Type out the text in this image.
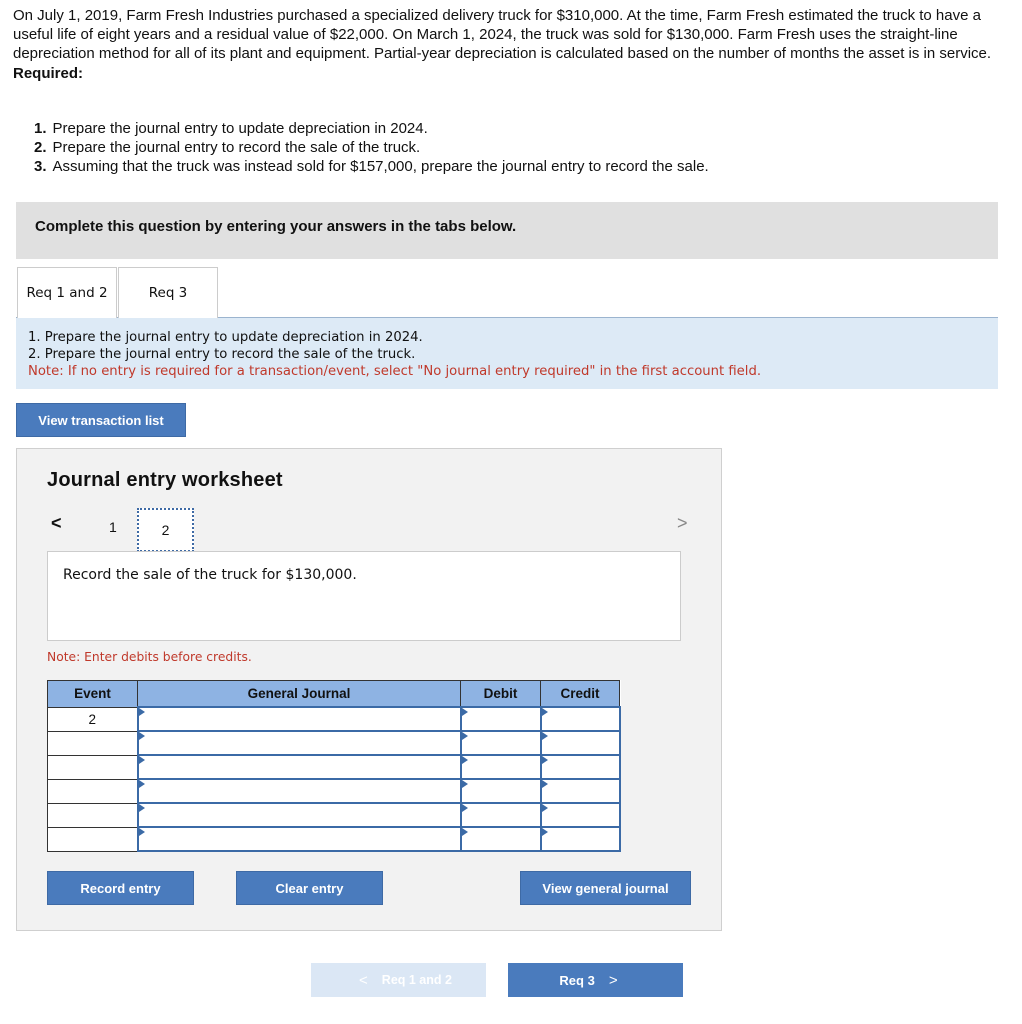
On July 1, 2019, Farm Fresh Industries purchased a specialized delivery truck for $310,000. At the time, Farm Fresh estimated the truck to have a useful life of eight years and a residual value of $22,000. On March 1, 2024, the truck was sold for $130,000. Farm Fresh uses the straight-line depreciation method for all of its plant and equipment. Partial-year depreciation is calculated based on the number of months the asset is in service.

Required:

1. Prepare the journal entry to update depreciation in 2024.
2. Prepare the journal entry to record the sale of the truck.
3. Assuming that the truck was instead sold for $157,000, prepare the journal entry to record the sale.
Complete this question by entering your answers in the tabs below.
Req 1 and 2	Req 3
1. Prepare the journal entry to update depreciation in 2024.
2. Prepare the journal entry to record the sale of the truck.
Note: If no entry is required for a transaction/event, select "No journal entry required" in the first account field.
View transaction list
Journal entry worksheet
<	1	2	>
Record the sale of the truck for $130,000.
Note: Enter debits before credits.
Event	General Journal	Debit	Credit
2			

Record entry	Clear entry	View general journal
< Req 1 and 2	Req 3 >
